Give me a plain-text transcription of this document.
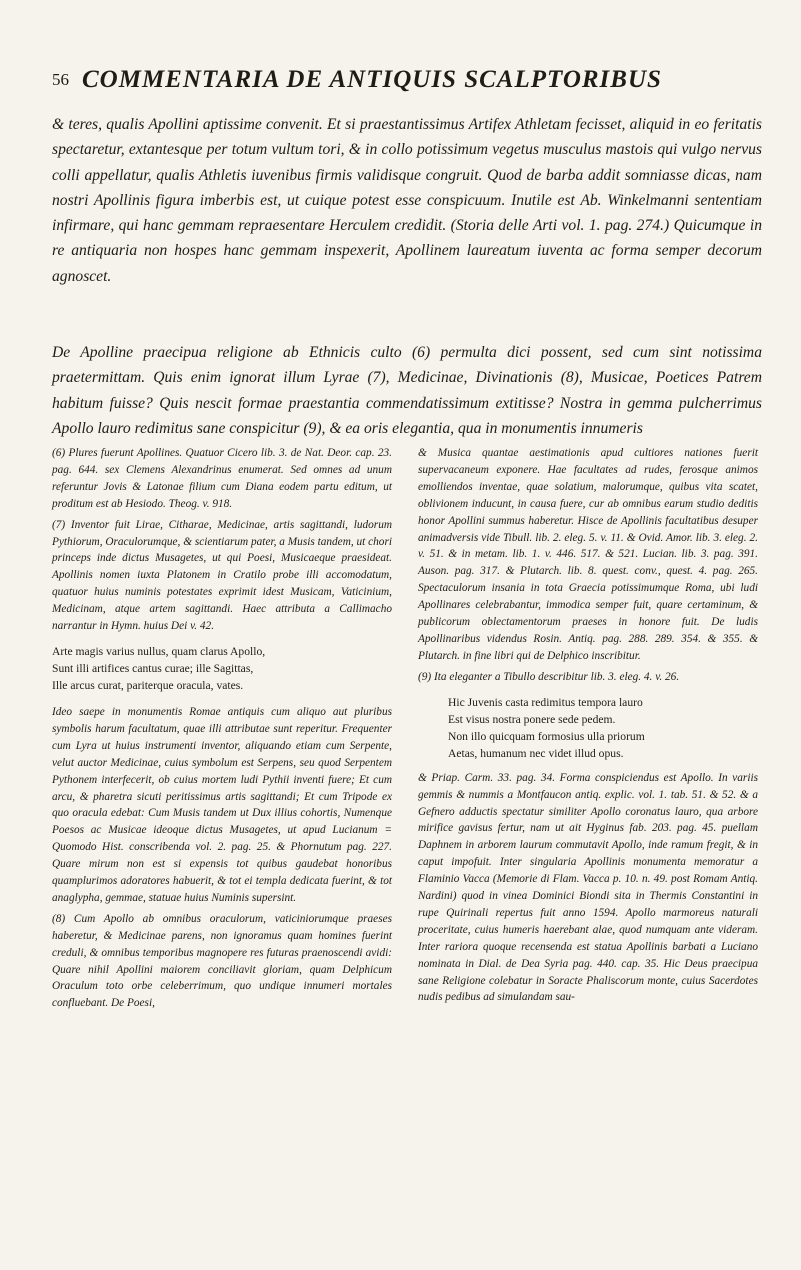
56 COMMENTARIA DE ANTIQUIS SCALPTORIBUS

& teres, qualis Apollini aptissime convenit. Et si praestantissimus Artifex Athletam fecisset, aliquid in eo feritatis spectaretur, extantesque per totum vultum tori, & in collo potissimum vegetus musculus mastois qui vulgo nervus colli appellatur, qualis Athletis iuvenibus firmis validisque congruit. Quod de barba addit somniasse dicas, nam nostri Apollinis figura imberbis est, ut cuique potest esse conspicuum. Inutile est Ab. Winkelmanni sententiam infirmare, qui hanc gemmam repraesentare Herculem credidit. (Storia delle Arti vol. 1. pag. 274.) Quicumque in re antiquaria non hospes hanc gemmam inspexerit, Apollinem laureatum iuventa ac forma semper decorum agnoscet.

De Apolline praecipua religione ab Ethnicis culto (6) permulta dici possent, sed cum sint notissima praetermittam. Quis enim ignorat illum Lyrae (7), Medicinae, Divinationis (8), Musicae, Poetices Patrem habitum fuisse? Quis nescit formae praestantia commendatissimum extitisse? Nostra in gemma pulcherrimus Apollo lauro redimitus sane conspicitur (9), & ea oris elegantia, qua in monumentis innumeris

(6) Plures fuerunt Apollines. Quatuor Cicero lib. 3. de Nat. Deor. cap. 23. pag. 644. sex Clemens Alexandrinus enumerat. Sed omnes ad unum referuntur Jovis & Latonae filium cum Diana eodem partu editum, ut proditum est ab Hesiodo. Theog. v. 918.

(7) Inventor fuit Lirae, Citharae, Medicinae, artis sagittandi, ludorum Pythiorum, Oraculorumque, & scientiarum pater, a Musis tandem, ut chori princeps inde dictus Musagetes, ut qui Poesi, Musicaeque praesideat. Apollinis nomen iuxta Platonem in Cratilo probe illi accomodatum, quatuor huius numinis potestates exprimit idest Musicam, Vaticinium, Medicinam, atque artem sagittandi. Haec attributa a Callimacho narrantur in Hymn. huius Dei v. 42.

Arte magis varius nullus, quam clarus Apollo,
Sunt illi artifices cantus curae; ille Sagittas,
Ille arcus curat, pariterque oracula, vates.

Ideo saepe in monumentis Romae antiquis cum aliquo aut pluribus symbolis harum facultatum, quae illi attributae sunt reperitur. Frequenter cum Lyra ut huius instrumenti inventor, aliquando etiam cum Serpente, velut auctor Medicinae, cuius symbolum est Serpens, seu quod Serpentem Pythonem interfecerit, ob cuius mortem ludi Pythii inventi fuere; Et cum arcu, & pharetra sicuti peritissimus artis sagittandi; Et cum Tripode ex quo oracula edebat: Cum Musis tandem ut Dux illius cohortis, Numenque Poesos ac Musicae ideoque dictus Musagetes, ut apud Lucianum = Quomodo Hist. conscribenda vol. 2. pag. 25. & Phornutum pag. 227. Quare mirum non est si expensis tot quibus gaudebat honoribus quamplurimos adoratores habuerit, & tot ei templa dedicata fuerint, & tot anaglypha, gemmae, statuae huius Numinis supersint.

(8) Cum Apollo ab omnibus oraculorum, vaticiniorumque praeses haberetur, & Medicinae parens, non ignoramus quam homines fuerint creduli, & omnibus temporibus magnopere res futuras praenoscendi avidi: Quare nihil Apollini maiorem conciliavit gloriam, quam Delphicum Oraculum toto orbe celeberrimum, quo undique innumeri mortales confluebant. De Poesi,

& Musica quantae aestimationis apud cultiores nationes fuerit supervacaneum exponere. Hae facultates ad rudes, ferosque animos emolliendos inventae, quae solatium, malorumque, quibus vita scatet, oblivionem inducunt, in causa fuere, cur ab omnibus earum studio deditis honor Apollini summus haberetur. Hisce de Apollinis facultatibus desuper animadversis vide Tibull. lib. 2. eleg. 5. v. 11. & Ovid. Amor. lib. 3. eleg. 2. v. 51. & in metam. lib. 1. v. 446. 517. & 521. Lucian. lib. 3. pag. 391. Auson. pag. 317. & Plutarch. lib. 8. quest. conv., quest. 4. pag. 265. Spectaculorum insania in tota Graecia potissimumque Roma, ubi ludi Apollinares celebrabantur, immodica semper fuit, quare certaminum, & publicorum oblectamentorum praeses in honore fuit. De ludis Apollinaribus videndus Rosin. Antiq. pag. 288. 289. 354. & 355. & Plutarch. in fine libri qui de Delphico inscribitur.

(9) Ita eleganter a Tibullo describitur lib. 3. eleg. 4. v. 26.

Hic Juvenis casta redimitus tempora lauro
Est visus nostra ponere sede pedem.
Non illo quicquam formosius ulla priorum
Aetas, humanum nec videt illud opus.

& Priap. Carm. 33. pag. 34. Forma conspiciendus est Apollo. In variis gemmis & nummis a Montfaucon antiq. explic. vol. 1. tab. 51. & 52. & a Gefnero adductis spectatur similiter Apollo coronatus lauro, qua arbore mirifice gavisus fertur, nam ut ait Hyginus fab. 203. pag. 45. puellam Daphnem in arborem laurum commutavit Apollo, inde ramum fregit, & in caput impofuit. Inter singularia Apollinis monumenta memoratur a Flaminio Vacca (Memorie di Flam. Vacca p. 10. n. 49. post Romam Antiq. Nardini) quod in vinea Dominici Biondi sita in Thermis Constantini in rupe Quirinali repertus fuit anno 1594. Apollo marmoreus naturali proceritate, cuius humeris haerebant alae, quod numquam ante videram. Inter rariora quoque recensenda est statua Apollinis barbati a Luciano nominata in Dial. de Dea Syria pag. 440. cap. 35. Hic Deus praecipua sane Religione colebatur in Soracte Phaliscorum monte, cuius Sacerdotes nudis pedibus ad simulandam sau-
